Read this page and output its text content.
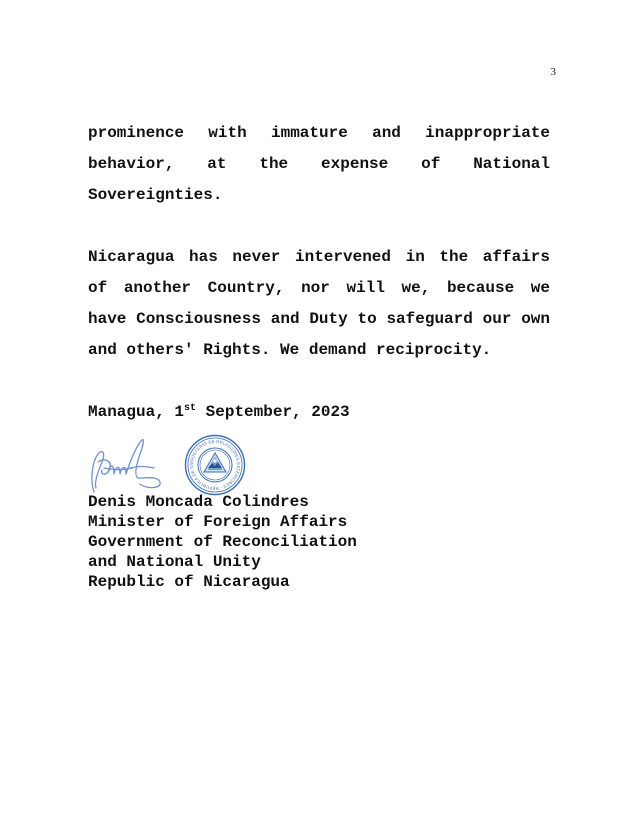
3
prominence with immature and inappropriate
behavior, at the expense of National
Sovereignties.
Nicaragua has never intervened in the affairs
of another Country, nor will we, because we
have Consciousness and Duty to safeguard our own
and others' Rights. We demand reciprocity.
Managua, 1st September, 2023
MINISTERIO DE RELACIONES EXTERIORES · REPUBLICA DE N
Denis Moncada Colindres
Minister of Foreign Affairs
Government of Reconciliation
and National Unity
Republic of Nicaragua
